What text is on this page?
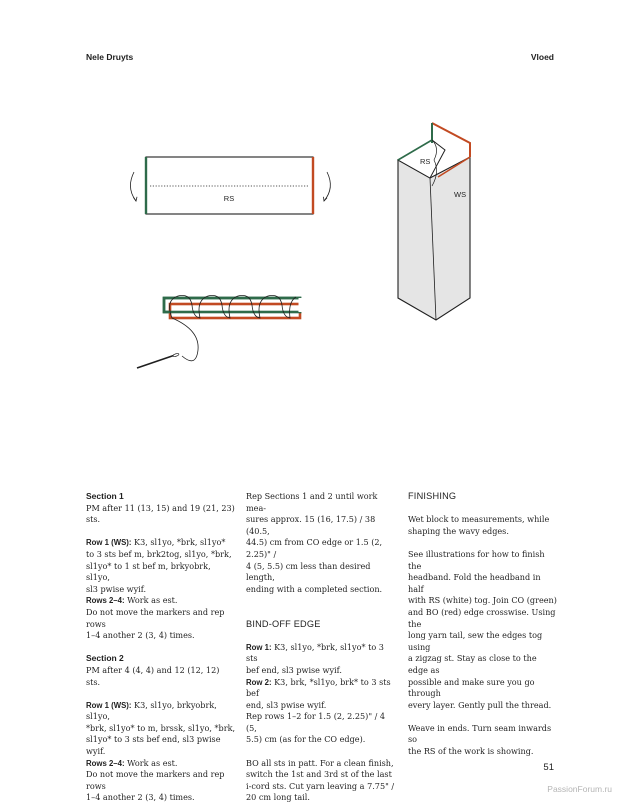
Nele Druyts	Vloed
RS
RS
WS

Section 1

PM after 11 (13, 15) and 19 (21, 23) sts.

Row 1 (WS): K3, sl1yo, *brk, sl1yo*

to 3 sts bef m, brk2tog, sl1yo, *brk,

sl1yo* to 1 st bef m, brkyobrk, sl1yo,

sl3 pwise wyif.

Rows 2–4: Work as est.

Do not move the markers and rep rows

1–4 another 2 (3, 4) times.

Section 2

PM after 4 (4, 4) and 12 (12, 12) sts.

Row 1 (WS): K3, sl1yo, brkyobrk, sl1yo,

*brk, sl1yo* to m, brssk, sl1yo, *brk,

sl1yo* to 3 sts bef end, sl3 pwise wyif.

Rows 2–4: Work as est.

Do not move the markers and rep rows

1–4 another 2 (3, 4) times.

Rep Sections 1 and 2 until work mea-

sures approx. 15 (16, 17.5) / 38 (40.5,

44.5) cm from CO edge or 1.5 (2, 2.25)" /

4 (5, 5.5) cm less than desired length,

ending with a completed section.

BIND-OFF EDGE

Row 1: K3, sl1yo, *brk, sl1yo* to 3 sts

bef end, sl3 pwise wyif.

Row 2: K3, brk, *sl1yo, brk* to 3 sts bef

end, sl3 pwise wyif.

Rep rows 1–2 for 1.5 (2, 2.25)" / 4 (5,

5.5) cm (as for the CO edge).

BO all sts in patt. For a clean finish,

switch the 1st and 3rd st of the last

i-cord sts. Cut yarn leaving a 7.75" /

20 cm long tail.

FINISHING

Wet block to measurements, while

shaping the wavy edges.

See illustrations for how to finish the

headband. Fold the headband in half

with RS (white) tog. Join CO (green)

and BO (red) edge crosswise. Using the

long yarn tail, sew the edges tog using

a zigzag st. Stay as close to the edge as

possible and make sure you go through

every layer. Gently pull the thread.

Weave in ends. Turn seam inwards so

the RS of the work is showing.

51
PassionForum.ru
